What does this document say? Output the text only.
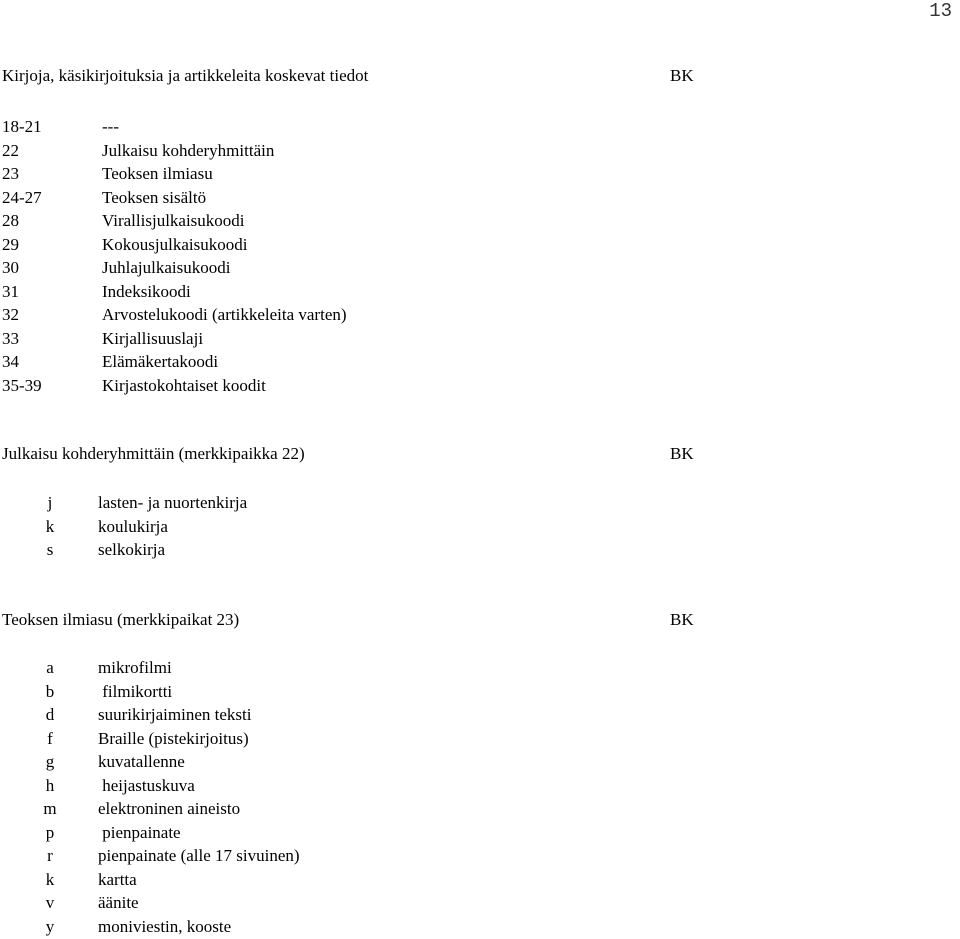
13
Kirjoja, käsikirjoituksia ja artikkeleita koskevat tiedot	BK
18-21	---
22	Julkaisu kohderyhmittäin
23	Teoksen ilmiasu
24-27	Teoksen sisältö
28	Virallisjulkaisukoodi
29	Kokousjulkaisukoodi
30	Juhlajulkaisukoodi
31	Indeksikoodi
32	Arvostelukoodi (artikkeleita varten)
33	Kirjallisuuslaji
34	Elämäkertakoodi
35-39	Kirjastokohtaiset koodit
Julkaisu kohderyhmittäin (merkkipaikka 22)	BK
j	lasten- ja nuortenkirja
k	koulukirja
s	selkokirja
Teoksen ilmiasu (merkkipaikat 23)	BK
a	mikrofilmi
b	filmikortti
d	suurikirjaiminen teksti
f	Braille (pistekirjoitus)
g	kuvatallenne
h	heijastuskuva
m elektroninen aineisto
p	pienpainate
r	pienpainate (alle 17 sivuinen)
k	kartta
v	äänite
y	moniviestin, kooste
